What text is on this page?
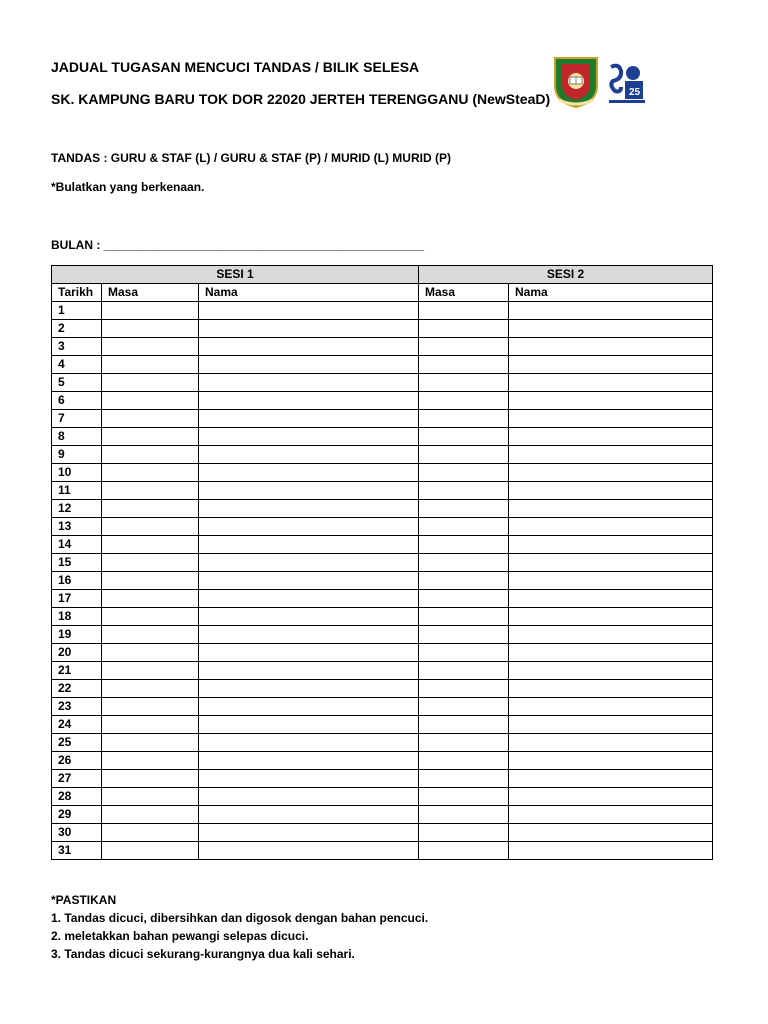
JADUAL TUGASAN MENCUCI TANDAS / BILIK SELESA
SK. KAMPUNG BARU TOK DOR 22020 JERTEH TERENGGANU (NewSteaD)	25
TANDAS : GURU & STAF (L) / GURU & STAF (P) / MURID (L) MURID (P)
*Bulatkan yang berkenaan.
BULAN : ________________________________________________
SESI 1			SESI 2	
Tarikh	Masa	Nama	Masa	Nama
1				
2				
3				
4				
5				
6				
7				
8				
9				
10				
11				
12				
13				
14				
15				
16				
17				
18				
19				
20				
21				
22				
23				
24				
25				
26				
27				
28				
29				
30				
31				
*PASTIKAN
1. Tandas dicuci, dibersihkan dan digosok dengan bahan pencuci.
2. meletakkan bahan pewangi selepas dicuci.
3. Tandas dicuci sekurang-kurangnya dua kali sehari.
